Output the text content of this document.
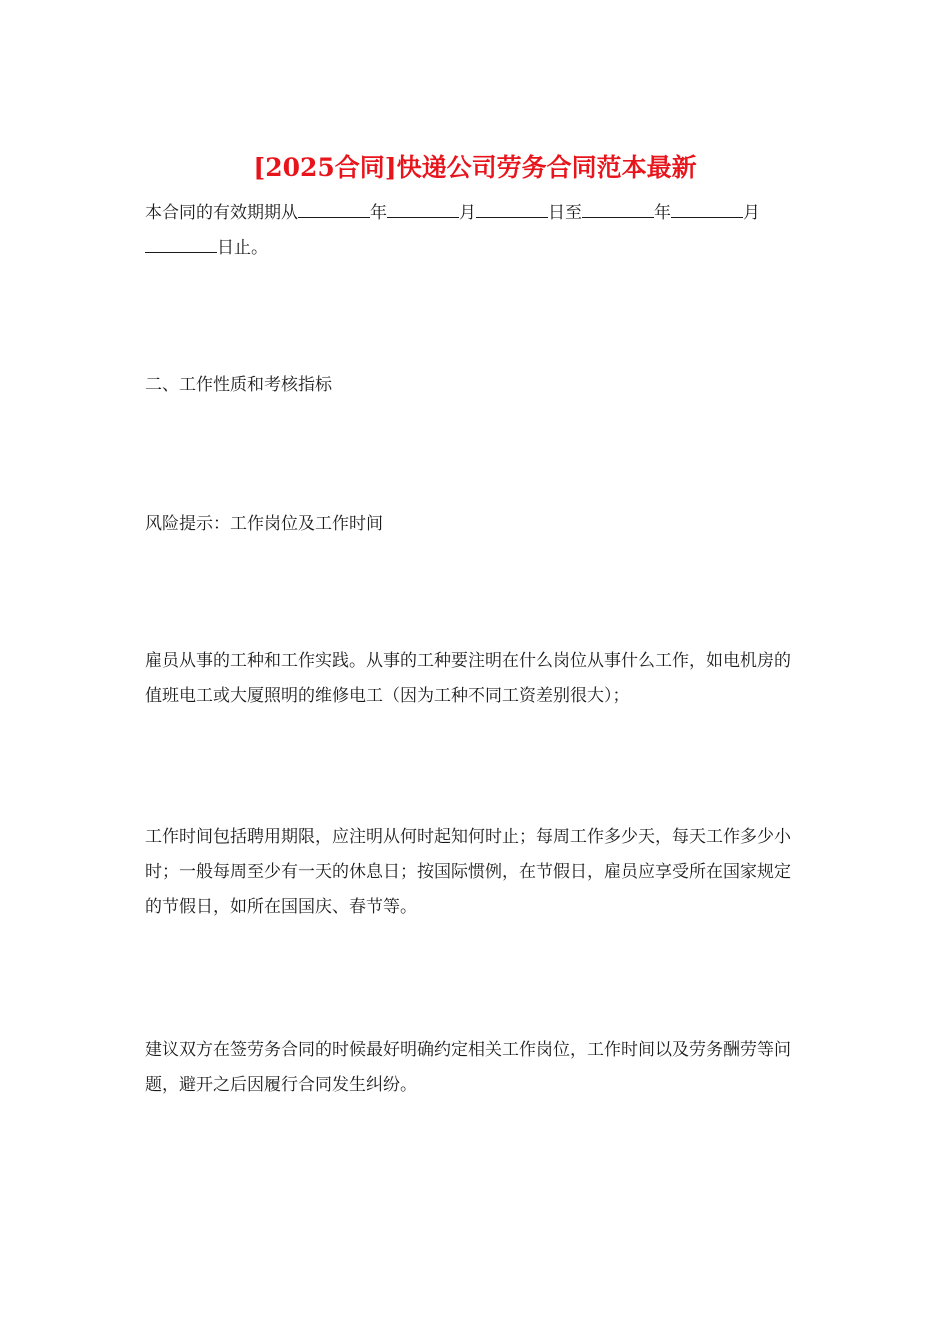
[2025合同]快递公司劳务合同范本最新

本合同的有效期期从	年	月	日至	年	月日止。

二、工作性质和考核指标

风险提示：工作岗位及工作时间

雇员从事的工种和工作实践。从事的工种要注明在什么岗位从事什么工作，如电机房的值班电工或大厦照明的维修电工（因为工种不同工资差别很大）；

工作时间包括聘用期限，应注明从何时起知何时止；每周工作多少天，每天工作多少小时；一般每周至少有一天的休息日；按国际惯例，在节假日，雇员应享受所在国家规定的节假日，如所在国国庆、春节等。

建议双方在签劳务合同的时候最好明确约定相关工作岗位，工作时间以及劳务酬劳等问题，避开之后因履行合同发生纠纷。
